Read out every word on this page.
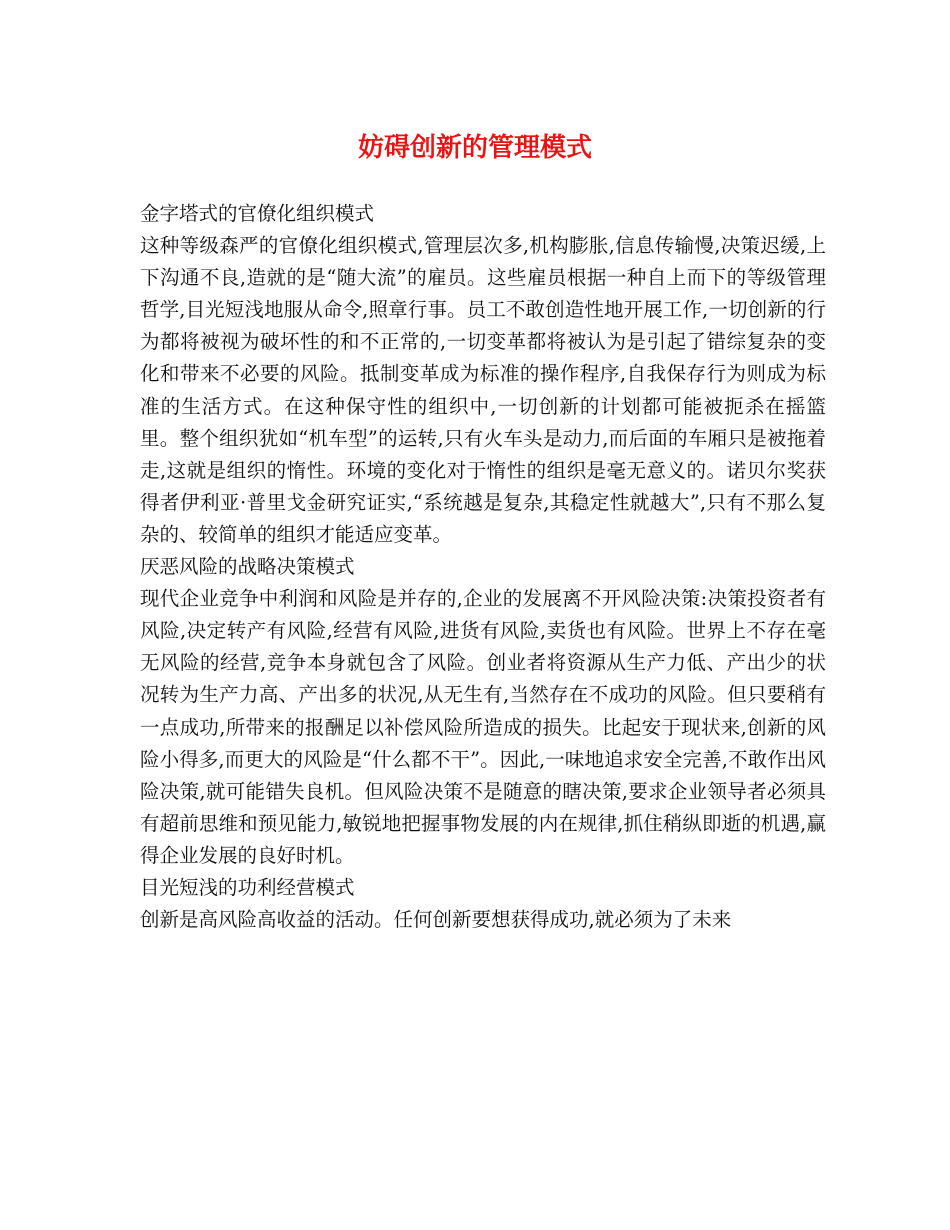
妨碍创新的管理模式

金字塔式的官僚化组织模式

这种等级森严的官僚化组织模式,管理层次多,机构膨胀,信息传输慢,决策迟缓,上下沟通不良,造就的是“随大流”的雇员。这些雇员根据一种自上而下的等级管理哲学,目光短浅地服从命令,照章行事。员工不敢创造性地开展工作,一切创新的行为都将被视为破坏性的和不正常的,一切变革都将被认为是引起了错综复杂的变化和带来不必要的风险。抵制变革成为标准的操作程序,自我保存行为则成为标准的生活方式。在这种保守性的组织中,一切创新的计划都可能被扼杀在摇篮里。整个组织犹如“机车型”的运转,只有火车头是动力,而后面的车厢只是被拖着走,这就是组织的惰性。环境的变化对于惰性的组织是毫无意义的。诺贝尔奖获得者伊利亚·普里戈金研究证实,“系统越是复杂,其稳定性就越大”,只有不那么复杂的、较简单的组织才能适应变革。

厌恶风险的战略决策模式

现代企业竞争中利润和风险是并存的,企业的发展离不开风险决策:决策投资者有风险,决定转产有风险,经营有风险,进货有风险,卖货也有风险。世界上不存在毫无风险的经营,竞争本身就包含了风险。创业者将资源从生产力低、产出少的状况转为生产力高、产出多的状况,从无生有,当然存在不成功的风险。但只要稍有一点成功,所带来的报酬足以补偿风险所造成的损失。比起安于现状来,创新的风险小得多,而更大的风险是“什么都不干”。因此,一味地追求安全完善,不敢作出风险决策,就可能错失良机。但风险决策不是随意的瞎决策,要求企业领导者必须具有超前思维和预见能力,敏锐地把握事物发展的内在规律,抓住稍纵即逝的机遇,赢得企业发展的良好时机。

目光短浅的功利经营模式

创新是高风险高收益的活动。任何创新要想获得成功,就必须为了未来
